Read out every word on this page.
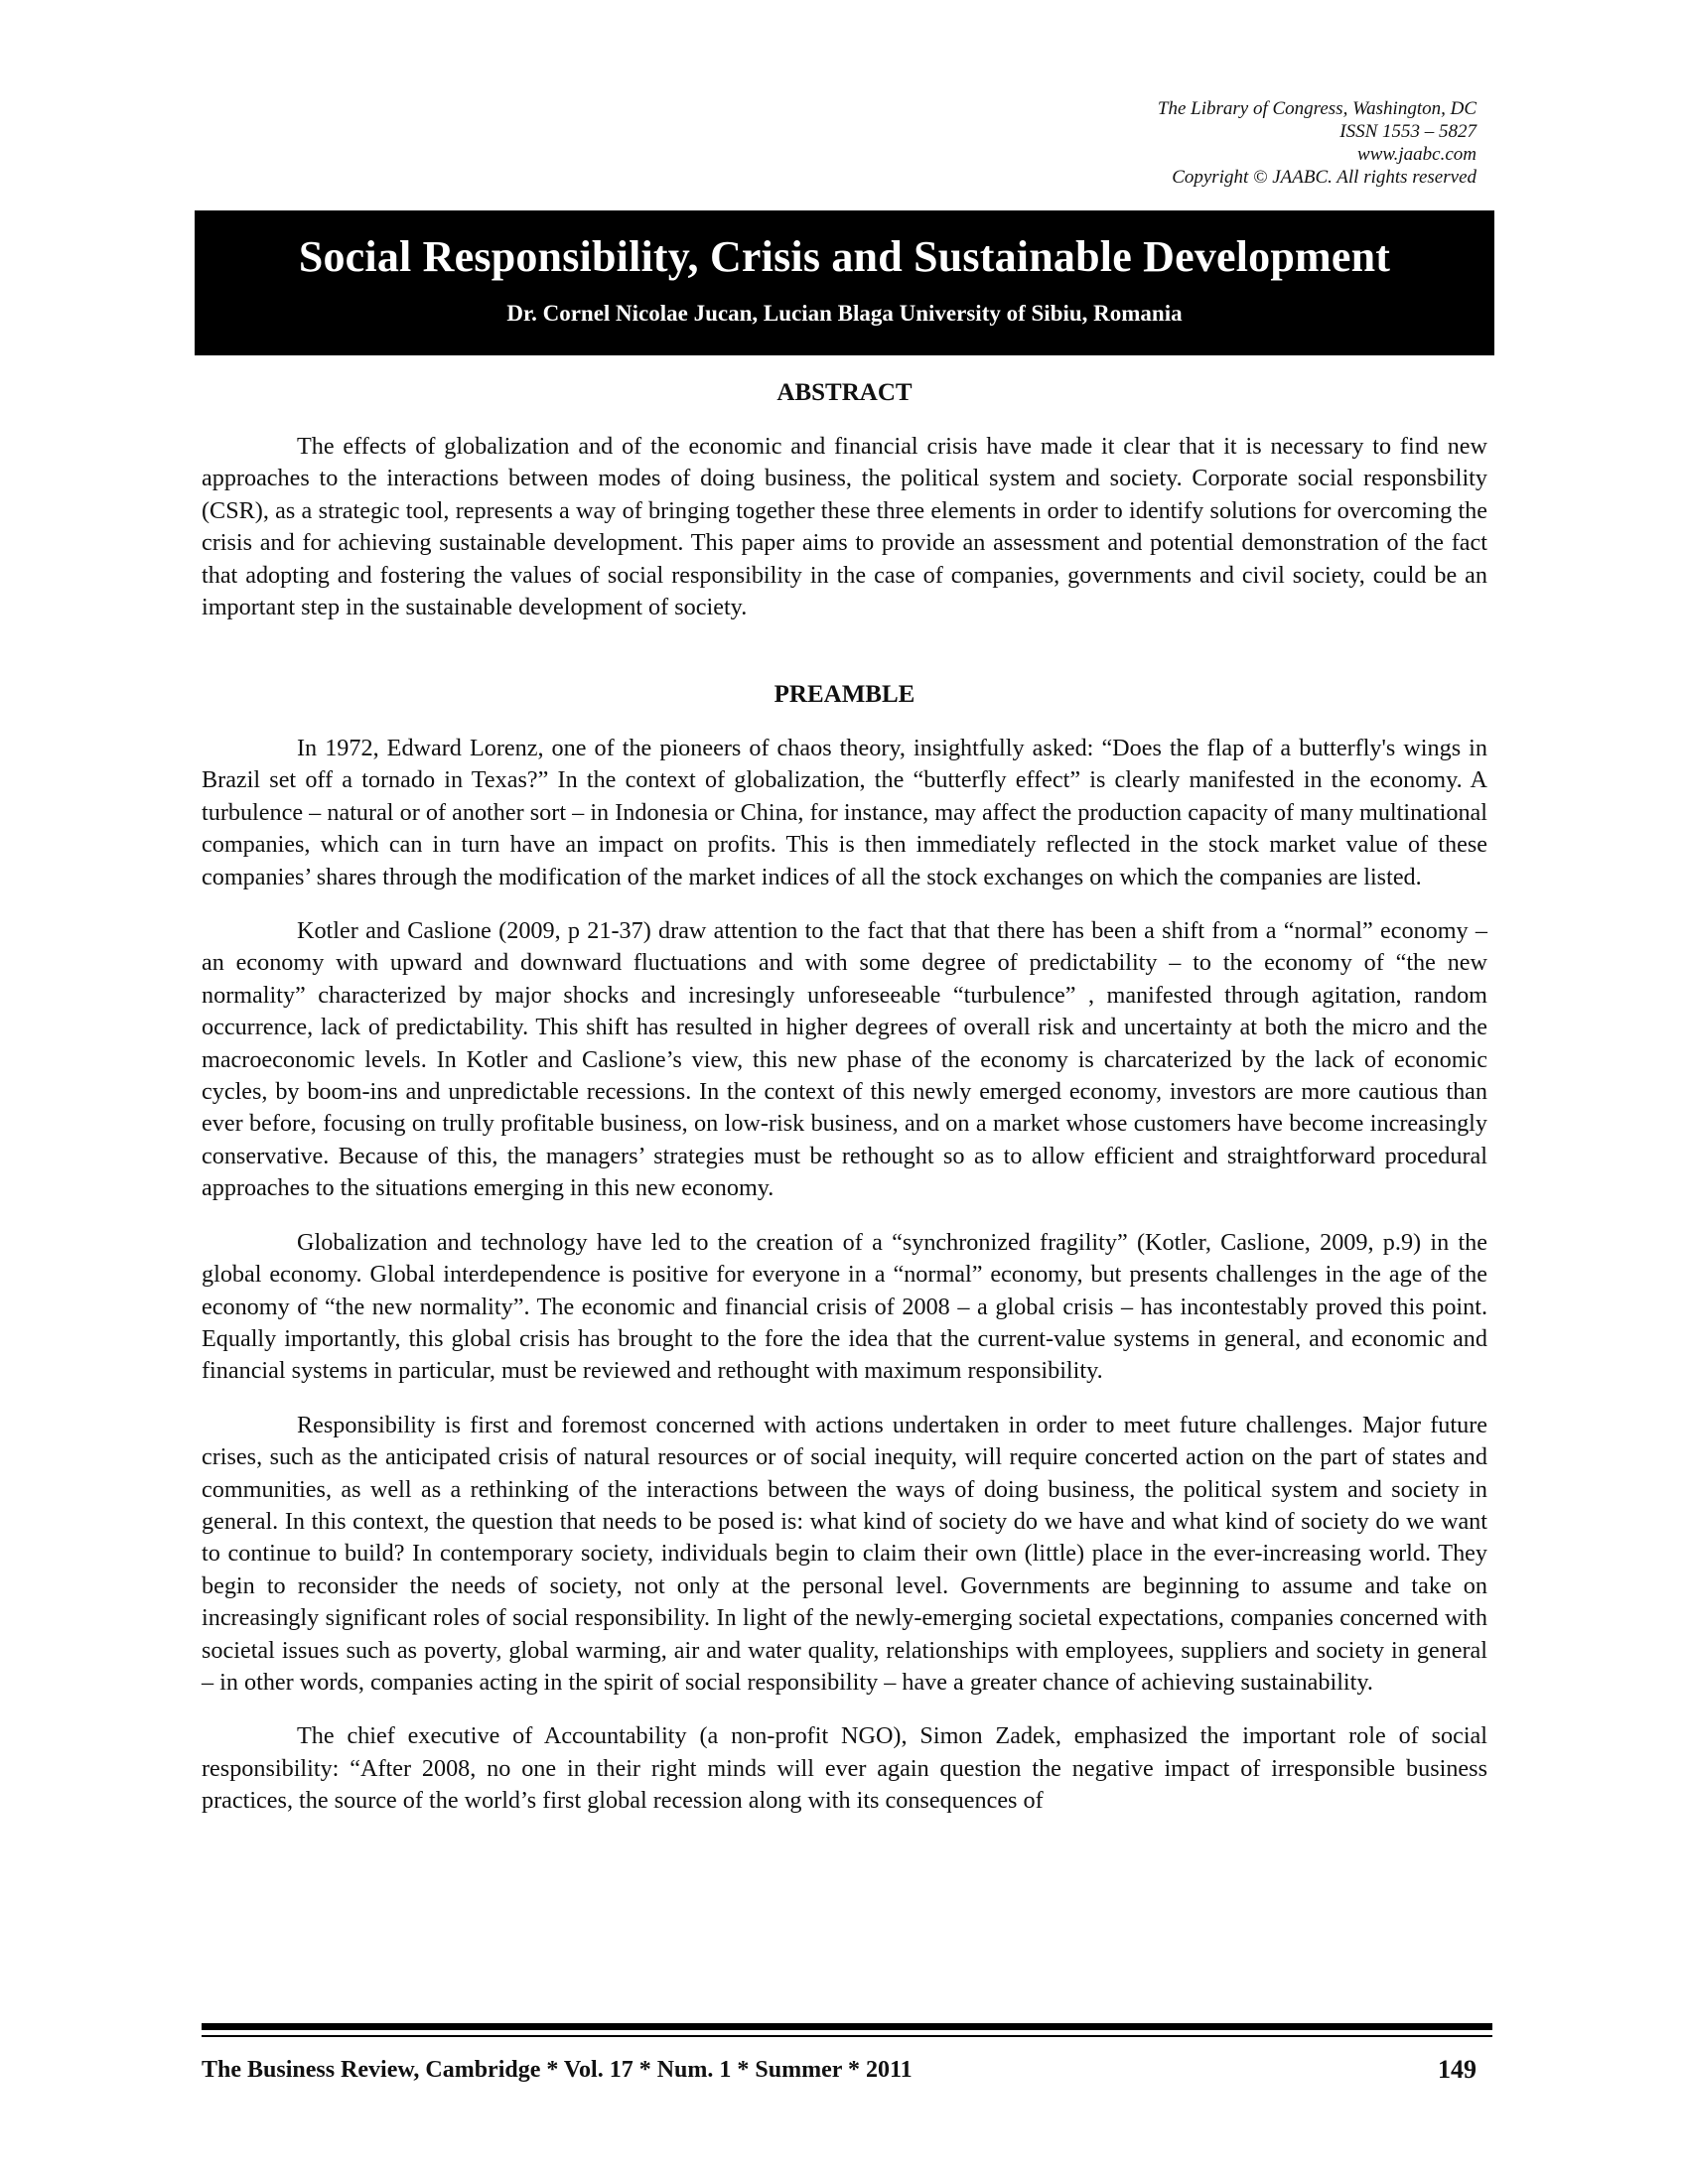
The Library of Congress, Washington, DC
ISSN 1553 – 5827
www.jaabc.com
Copyright © JAABC. All rights reserved
Social Responsibility, Crisis and Sustainable Development
Dr. Cornel Nicolae Jucan, Lucian Blaga University of Sibiu, Romania
ABSTRACT

The effects of globalization and of the economic and financial crisis have made it clear that it is necessary to find new approaches to the interactions between modes of doing business, the political system and society. Corporate social responsbility (CSR), as a strategic tool, represents a way of bringing together these three elements in order to identify solutions for overcoming the crisis and for achieving sustainable development. This paper aims to provide an assessment and potential demonstration of the fact that adopting and fostering the values of social responsibility in the case of companies, governments and civil society, could be an important step in the sustainable development of society.

PREAMBLE

In 1972, Edward Lorenz, one of the pioneers of chaos theory, insightfully asked: “Does the flap of a butterfly's wings in Brazil set off a tornado in Texas?” In the context of globalization, the “butterfly effect” is clearly manifested in the economy. A turbulence – natural or of another sort – in Indonesia or China, for instance, may affect the production capacity of many multinational companies, which can in turn have an impact on profits. This is then immediately reflected in the stock market value of these companies’ shares through the modification of the market indices of all the stock exchanges on which the companies are listed.

Kotler and Caslione (2009, p 21-37) draw attention to the fact that that there has been a shift from a “normal” economy – an economy with upward and downward fluctuations and with some degree of predictability – to the economy of “the new normality” characterized by major shocks and incresingly unforeseeable “turbulence” , manifested through agitation, random occurrence, lack of predictability. This shift has resulted in higher degrees of overall risk and uncertainty at both the micro and the macroeconomic levels. In Kotler and Caslione’s view, this new phase of the economy is charcaterized by the lack of economic cycles, by boom-ins and unpredictable recessions. In the context of this newly emerged economy, investors are more cautious than ever before, focusing on trully profitable business, on low-risk business, and on a market whose customers have become increasingly conservative. Because of this, the managers’ strategies must be rethought so as to allow efficient and straightforward procedural approaches to the situations emerging in this new economy.

Globalization and technology have led to the creation of a “synchronized fragility” (Kotler, Caslione, 2009, p.9) in the global economy. Global interdependence is positive for everyone in a “normal” economy, but presents challenges in the age of the economy of “the new normality”. The economic and financial crisis of 2008 – a global crisis – has incontestably proved this point. Equally importantly, this global crisis has brought to the fore the idea that the current-value systems in general, and economic and financial systems in particular, must be reviewed and rethought with maximum responsibility.

Responsibility is first and foremost concerned with actions undertaken in order to meet future challenges. Major future crises, such as the anticipated crisis of natural resources or of social inequity, will require concerted action on the part of states and communities, as well as a rethinking of the interactions between the ways of doing business, the political system and society in general. In this context, the question that needs to be posed is: what kind of society do we have and what kind of society do we want to continue to build? In contemporary society, individuals begin to claim their own (little) place in the ever-increasing world. They begin to reconsider the needs of society, not only at the personal level. Governments are beginning to assume and take on increasingly significant roles of social responsibility. In light of the newly-emerging societal expectations, companies concerned with societal issues such as poverty, global warming, air and water quality, relationships with employees, suppliers and society in general – in other words, companies acting in the spirit of social responsibility – have a greater chance of achieving sustainability.

The chief executive of Accountability (a non-profit NGO), Simon Zadek, emphasized the important role of social responsibility: “After 2008, no one in their right minds will ever again question the negative impact of irresponsible business practices, the source of the world’s first global recession along with its consequences of

The Business Review, Cambridge * Vol. 17 * Num. 1 * Summer * 2011	149
